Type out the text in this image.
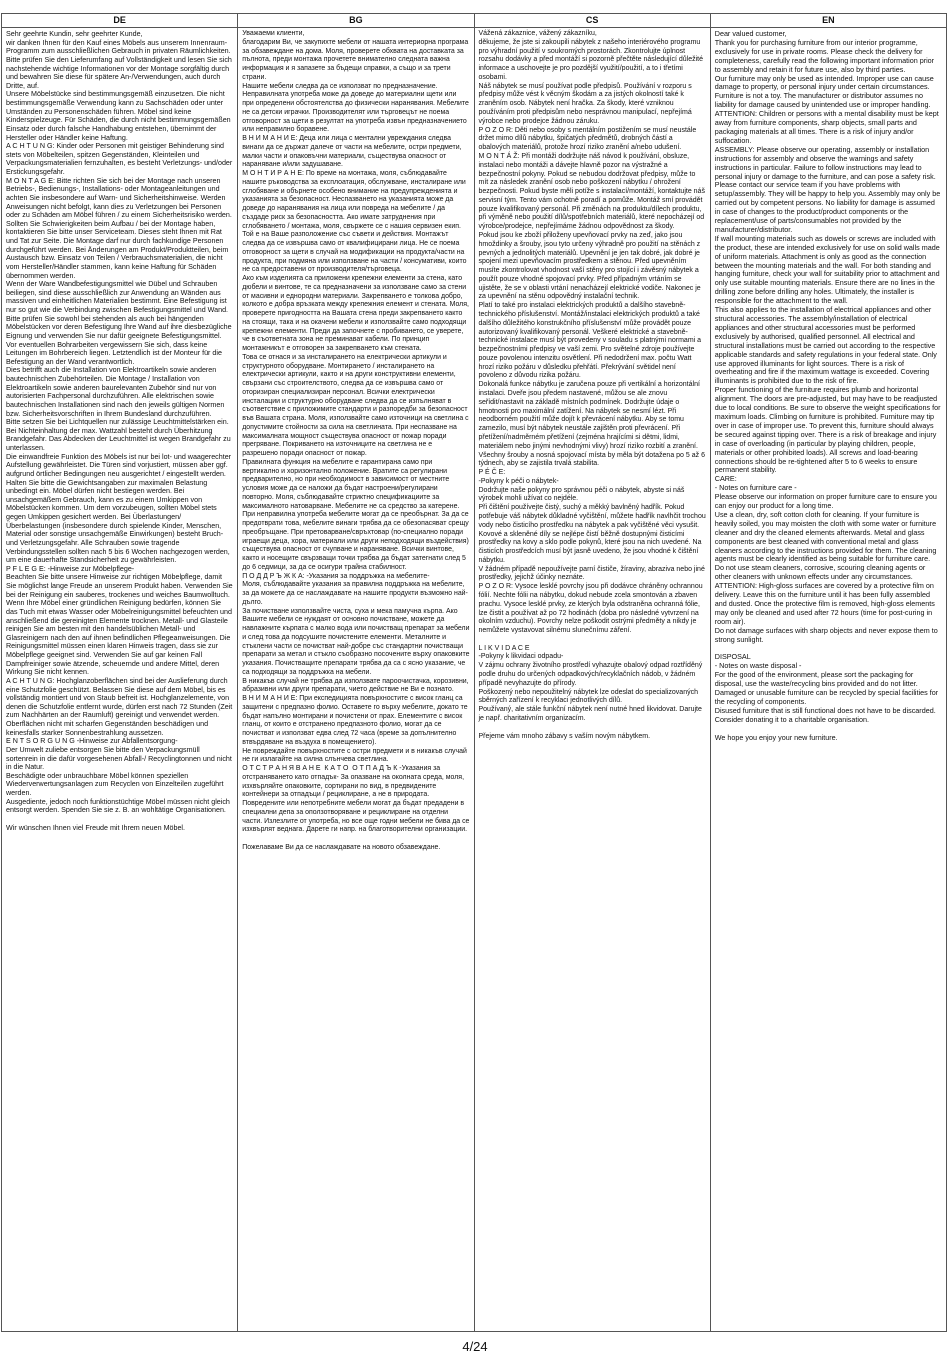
DE	BG	CS	EN

Sehr geehrte Kundin, sehr geehrter Kunde,
wir danken Ihnen für den Kauf eines Möbels aus unserem Innenraum-Programm zum ausschließlichen Gebrauch in privaten Räumlichkeiten. Bitte prüfen Sie den Lieferumfang auf Vollständigkeit und lesen Sie sich nachstehende wichtige Informationen vor der Montage sorgfältig durch und bewahren Sie diese für spätere An-/Verwendungen, auch durch Dritte, auf.
Unsere Möbelstücke sind bestimmungsgemäß einzusetzen. Die nicht bestimmungsgemäße Verwendung kann zu Sachschäden oder unter Umständen zu Personenschäden führen. Möbel sind keine Kinderspielzeuge. Für Schäden, die durch nicht bestimmungsgemäßen Einsatz oder durch falsche Handhabung entstehen, übernimmt der Hersteller oder Händler keine Haftung.
A C H T U N G: Kinder oder Personen mit geistiger Behinderung sind stets von Möbelteilen, spitzen Gegenständen, Kleinteilen und Verpackungsmaterialien fernzuhalten, es besteht Verletzungs- und/oder Erstickungsgefahr.
M O N T A G E: Bitte richten Sie sich bei der Montage nach unseren Betriebs-, Bedienungs-, Installations- oder Montageanleitungen und achten Sie insbesondere auf Warn- und Sicherheitshinweise. Werden Anweisungen nicht befolgt, kann dies zu Verletzungen bei Personen oder zu Schäden am Möbel führen / zu einem Sicherheitsrisiko werden. Sollten Sie Schwierigkeiten beim Aufbau / bei der Montage haben, kontaktieren Sie bitte unser Serviceteam. Dieses steht Ihnen mit Rat und Tat zur Seite. Die Montage darf nur durch fachkundige Personen durchgeführt werden. Bei Änderungen am Produkt/Produktteilen, beim Austausch bzw. Einsatz von Teilen / Verbrauchsmaterialien, die nicht vom Hersteller/Händler stammen, kann keine Haftung für Schäden übernommen werden.
Wenn der Ware Wandbefestigungsmittel wie Dübel und Schrauben beiliegen, sind diese ausschließlich zur Anwendung an Wänden aus massiven und einheitlichen Materialien bestimmt. Eine Befestigung ist nur so gut wie die Verbindung zwischen Befestigungsmittel und Wand. Bitte prüfen Sie sowohl bei stehenden als auch bei hängenden Möbelstücken vor deren Befestigung Ihre Wand auf ihre diesbezügliche Eignung und verwenden Sie nur dafür geeignete Befestigungsmittel. Vor eventuellen Bohrarbeiten vergewissern Sie sich, dass keine Leitungen im Bohrbereich liegen. Letztendlich ist der Monteur für die Befestigung an der Wand verantwortlich.
Dies betrifft auch die Installation von Elektroartikeln sowie anderen bautechnischen Zubehörteilen. Die Montage / Installation von Elektroartikeln sowie anderen baurelevanten Zubehör sind nur von autorisierten Fachpersonal durchzuführen. Alle elektrischen sowie bautechnischen Installationen sind nach den jeweils gültigen Normen bzw. Sicherheitsvorschriften in Ihrem Bundesland durchzuführen.
Bitte setzen Sie bei Lichtquellen nur zulässige Leuchtmittelstärken ein. Bei Nichteinhaltung der max. Wattzahl besteht durch Überhitzung Brandgefahr. Das Abdecken der Leuchtmittel ist wegen Brandgefahr zu unterlassen.
Die einwandfreie Funktion des Möbels ist nur bei lot- und waagerechter Aufstellung gewährleistet. Die Türen sind vorjustiert, müssen aber ggf. aufgrund örtlicher Bedingungen neu ausgerichtet / eingestellt werden. Halten Sie bitte die Gewichtsangaben zur maximalen Belastung unbedingt ein. Möbel dürfen nicht bestiegen werden. Bei unsachgemäßem Gebrauch, kann es zu einem Umkippen von Möbelstücken kommen. Um dem vorzubeugen, sollten Möbel stets gegen Umkippen gesichert werden. Bei Überlastungen/Überbelastungen (insbesondere durch spielende Kinder, Menschen, Material oder sonstige unsachgemäße Einwirkungen) besteht Bruch- und Verletzungsgefahr. Alle Schrauben sowie tragende Verbindungsstellen sollten nach 5 bis 6 Wochen nachgezogen werden, um eine dauerhafte Standsicherheit zu gewährleisten.
P F L E G E: -Hinweise zur Möbelpflege-
Beachten Sie bitte unsere Hinweise zur richtigen Möbelpflege, damit Sie möglichst lange Freude an unserem Produkt haben. Verwenden Sie bei der Reinigung ein sauberes, trockenes und weiches Baumwolltuch. Wenn Ihre Möbel einer gründlichen Reinigung bedürfen, können Sie das Tuch mit etwas Wasser oder Möbelreinigungsmittel befeuchten und anschließend die gereinigten Elemente trocknen. Metall- und Glasteile reinigen Sie am besten mit den handelsüblichen Metall- und Glasreinigern nach den auf ihnen befindlichen Pflegeanweisungen. Die Reinigungsmittel müssen einen klaren Hinweis tragen, dass sie zur Möbelpflege geeignet sind. Verwenden Sie auf gar keinen Fall Dampfreiniger sowie ätzende, scheuernde und andere Mittel, deren Wirkung Sie nicht kennen.
A C H T U N G: Hochglanzoberflächen sind bei der Auslieferung durch eine Schutzfolie geschützt. Belassen Sie diese auf dem Möbel, bis es vollständig montiert und von Staub befreit ist. Hochglanzelemente, von denen die Schutzfolie entfernt wurde, dürfen erst nach 72 Stunden (Zeit zum Nachhärten an der Raumluft) gereinigt und verwendet werden. Oberflächen nicht mit scharfen Gegenständen beschädigen und keinesfalls starker Sonnenbestrahlung aussetzen.
E N T S O R G U N G -Hinweise zur Abfallentsorgung-
Der Umwelt zuliebe entsorgen Sie bitte den Verpackungsmüll sortenrein in die dafür vorgesehenen Abfall-/ Recyclingtonnen und nicht in die Natur.
Beschädigte oder unbrauchbare Möbel können speziellen Wiederverwertungsanlagen zum Recyclen von Einzelteilen zugeführt werden.
Ausgediente, jedoch noch funktionstüchtige Möbel müssen nicht gleich entsorgt werden. Spenden Sie sie z. B. an wohltätige Organisationen.

Wir wünschen Ihnen viel Freude mit Ihrem neuen Möbel.

Уважаеми клиенти,
благодарим Ви, че закупихте мебели от нашата интериорна програма за обзавеждане на дома. Моля, проверете обхвата на доставката за пълнота, преди монтажа прочетете внимателно следната важна информация и я запазете за бъдещи справки, а също и за трети страни.
Нашите мебели следва да се използват по предназначение. Неправилната употреба може да доведе до материални щети или при определени обстоятелства до физически наранявания. Мебелите не са детски играчки. Производителят или търговецът не поема отговорност за щети в резултат на употреба извън предназначението или неправилно боравене.
В Н И М А Н И Е: Деца или лица с ментални увреждания следва винаги да се държат далече от части на мебелите, остри предмети, малки части и опаковъчни материали, съществува опасност от нараняване и/или задушаване.
М О Н Т И Р А Н Е: По време на монтажа, моля, съблюдавайте нашите ръководства за експлоатация, обслужване, инсталиране или сглобяване и обърнете особено внимание на предупрежденията и указанията за безопасност. Неспазването на указанията може да доведе до наранявания на лица или повреда на мебелите / да създаде риск за безопасността. Ако имате затруднения при сглобяването / монтажа, моля, свържете се с нашия сервизен екип. Той е на Ваше разположение със съвети и действия. Монтажът следва да се извършва само от квалифицирани лица. Не се поема отговорност за щети в случай на модификации на продукта/части на продукта, при подмяна или използване на части / консумативи, които не са предоставени от производителя/търговеца.
Ако към изделията са приложени крепежни елементи за стена, като дюбели и винтове, те са предназначени за използване само за стени от масивни и еднородни материали. Закрепването е толкова добро, колкото е добра връзката между крепежния елемент и стената. Моля, проверете пригодността на Вашата стена преди закрепването както на стоящи, така и на окачени мебели и използвайте само подходящи крепежни елементи. Преди да започнете с пробиването, се уверете, че в съответната зона не преминават кабели. По принцип монтажникът е отговорен за закрепването към стената.
Това се отнася и за инсталирането на електрически артикули и структурното оборудване. Монтирането / инсталирането на електрически артикули, както и на други конструктивни елементи, свързани със строителството, следва да се извършва само от оторизиран специализиран персонал. Всички електрически инсталации и структурно оборудване следва да се изпълняват в съответствие с приложимите стандарти и разпоредби за безопасност във Вашата страна. Моля, използвайте само източници на светлина с допустимите стойности за сила на светлината. При неспазване на максималната мощност съществува опасност от пожар поради прегряване. Покриването на източниците на светлина не е разрешено поради опасност от пожар.
Правилната функция на мебелите е гарантирана само при вертикално и хоризонтално положение. Вратите са регулирани предварително, но при необходимост в зависимост от местните условия може да се наложи да бъдат настроени/регулирани повторно. Моля, съблюдавайте стриктно спецификациите за максималното натоварване. Мебелите не са средство за катерене. При неправилна употреба мебелите могат да се преобърнат. За да се предотврати това, мебелите винаги трябва да се обезопасяват срещу преобръщане. При претоварване/свръхтовар (по-специално поради играещи деца, хора, материали или други неподходящи въздействия) съществува опасност от счупване и нараняване. Всички винтове, както и носещите свързващи точки трябва да бъдат затегнати след 5 до 6 седмици, за да се осигури трайна стабилност.
П О Д Д Р Ъ Ж К А: -Указания за поддръжка на мебелите-
Моля, съблюдавайте указания за правилна поддръжка на мебелите, за да можете да се наслаждавате на нашите продукти възможно най-дълго.
За почистване използвайте чиста, суха и мека памучна кърпа. Ако Вашите мебели се нуждаят от основно почистване, можете да навлажните кърпата с малко вода или почистващ препарат за мебели и след това да подсушите почистените елементи. Металните и стъклени части се почистват най-добре със стандартни почистващи препарати за метал и стъкло съобразно посочените върху опаковките указания. Почистващите препарати трябва да са с ясно указание, че са подходящи за поддръжка на мебели.
В никакъв случай не трябва да използвате пароочистачка, корозивни, абразивни или други препарати, чието действие не Ви е познато.
В Н И М А Н И Е: При експедицията повърхностите с висок гланц са защитени с предпазно фолио. Оставете го върху мебелите, докато те бъдат напълно монтирани и почистени от прах. Елементите с висок гланц, от които е отстранено предпазното фолио, могат да се почистват и използват едва след 72 часа (време за допълнително втвърдяване на въздуха в помещението).
Не повреждайте повърхностите с остри предмети и в никакъв случай не ги излагайте на силна слънчева светлина.
О Т С Т Р А Н Я В А Н Е  К А Т О  О Т П А Д Ъ К -Указания за отстраняването като отпадък- За опазване на околната среда, моля, изхвърляйте опаковките, сортирани по вид, в предвидените контейнери за отпадъци / рециклиране, а не в природата. Повредените или непотребните мебели могат да бъдат предадени в специални депа за оползотворяване и рециклиране на отделни части. Излезлите от употреба, но все още годни мебели не бива да се изхвърлят веднага. Дарете ги напр. на благотворителни организации.

Пожелаваме Ви да се наслаждавате на новото обзавеждане.

Vážená zákaznice, vážený zákazníku,
děkujeme, že jste si zakoupili nábytek z našeho interiérového programu pro výhradní použití v soukromých prostorách. Zkontrolujte úplnost rozsahu dodávky a před montáží si pozorně přečtěte následující důležité informace a uschovejte je pro pozdější využití/použití, a to i třetími osobami.
Náš nábytek se musí používat podle předpisů. Používání v rozporu s předpisy může vést k věcným škodám a za jistých okolností také k zraněním osob. Nábytek není hračka. Za škody, které vzniknou používáním proti předpisům nebo nesprávnou manipulací, nepřejímá výrobce nebo prodejce žádnou záruku.
P O Z O R: Děti nebo osoby s mentálním postižením se musí neustále držet mimo dílů nábytku, špičatých předmětů, drobných částí a obalových materiálů, protože hrozí riziko zranění a/nebo udušení.
M O N T Á Ž: Při montáži dodržujte náš návod k používání, obsluze, instalaci nebo montáži a dávejte hlavně pozor na výstražné a bezpečnostní pokyny. Pokud se nebudou dodržovat předpisy, může to mít za následek zranění osob nebo poškození nábytku / ohrožení bezpečnosti. Pokud byste měli potíže s instalací/montáží, kontaktujte náš servisní tým. Tento vám ochotně poradí a pomůže. Montáž smí provádět pouze kvalifikovaný personál. Při změnách na produktu/dílech produktu, při výměně nebo použití dílů/spotřebních materiálů, které nepocházejí od výrobce/prodejce, nepřejímáme žádnou odpovědnost za škody.
Pokud jsou ke zboží přiloženy upevňovací prvky na zeď, jako jsou hmoždinky a šrouby, jsou tyto určeny výhradně pro použití na stěnách z pevných a jednolitých materiálů. Upevnění je jen tak dobré, jak dobré je spojení mezi upevňovacím prostředkem a stěnou. Před upevněním musíte zkontrolovat vhodnost vaší stěny pro stojící i závěsný nábytek a použít pouze vhodné spojovací prvky. Před případným vrtáním se ujistěte, že se v oblasti vrtání nenacházejí elektrické vodiče. Nakonec je za upevnění na stěnu odpovědný instalační technik.
Platí to také pro instalaci elektrických produktů a dalšího stavebně-technického příslušenství. Montáž/instalaci elektrických produktů a také dalšího důležitého konstrukčního příslušenství může provádět pouze autorizovaný kvalifikovaný personál. Veškeré elektrické a stavebně-technické instalace musí být provedeny v souladu s platnými normami a bezpečnostními předpisy ve vaší zemi. Pro světelné zdroje používejte pouze povolenou intenzitu osvětlení. Při nedodržení max. počtu Watt hrozí riziko požáru v důsledku přehřátí. Překrývání světidel není povoleno z důvodu rizika požáru.
Dokonalá funkce nábytku je zaručena pouze při vertikální a horizontální instalaci. Dveře jsou předem nastavené, můžou se ale znovu seřídit/nastavit na základě místních podmínek. Dodržujte údaje o hmotnosti pro maximální zatížení. Na nábytek se nesmí lézt. Při neodborném použití může dojít k převrácení nábytku. Aby se tomu zamezilo, musí být nábytek neustále zajištěn proti převrácení. Při přetížení/nadměrném přetížení (zejména hrajícími si dětmi, lidmi, materiálem nebo jinými nevhodnými vlivy) hrozí riziko rozbití a zranění. Všechny šrouby a nosná spojovací místa by měla být dotažena po 5 až 6 týdnech, aby se zajistila trvalá stabilita.
P É Č E:
-Pokyny k péči o nábytek-
Dodržujte naše pokyny pro správnou péči o nábytek, abyste si náš výrobek mohli užívat co nejdéle.
Při čištění používejte čistý, suchý a měkký bavlněný hadřík. Pokud potřebuje váš nábytek důkladné vyčištění, můžete hadřík navlhčit trochou vody nebo čisticího prostředku na nábytek a pak vyčištěné věci vysušit. Kovové a skleněné díly se nejlépe čistí běžně dostupnými čisticími prostředky na kovy a sklo podle pokynů, které jsou na nich uvedené. Na čisticích prostředcích musí být jasně uvedeno, že jsou vhodné k čištění nábytku.
V žádném případě nepoužívejte parní čističe, žíraviny, abraziva nebo jiné prostředky, jejichž účinky neznáte.
P O Z O R: Vysoce lesklé povrchy jsou při dodávce chráněny ochrannou fólií. Nechte fólii na nábytku, dokud nebude zcela smontován a zbaven prachu. Vysoce lesklé prvky, ze kterých byla odstraněna ochranná fólie, lze čistit a používat až po 72 hodinách (doba pro následné vytvrzení na okolním vzduchu). Povrchy nelze poškodit ostrými předměty a nikdy je nemůžete vystavovat silnému slunečnímu záření.

L I K V I D A C E
-Pokyny k likvidaci odpadu-
V zájmu ochrany životního prostředí vyhazujte obalový odpad roztříděný podle druhu do určených odpadkových/recyklačních nádob, v žádném případě nevyhazujte do přírody.
Poškozený nebo nepoužitelný nábytek lze odeslat do specializovaných sběrných zařízení k recyklaci jednotlivých dílů.
Používaný, ale stále funkční nábytek není nutné hned likvidovat. Darujte je např. charitativním organizacím.

Přejeme vám mnoho zábavy s vaším novým nábytkem.

Dear valued customer,
Thank you for purchasing furniture from our interior programme, exclusively for use in private rooms. Please check the delivery for completeness, carefully read the following important information prior to assembly and retain it for future use, also by third parties.
Our furniture may only be used as intended. Improper use can cause damage to property, or personal injury under certain circumstances. Furniture is not a toy. The manufacturer or distributor assumes no liability for damage caused by unintended use or improper handling.
ATTENTION: Children or persons with a mental disability must be kept away from furniture components, sharp objects, small parts and packaging materials at all times. There is a risk of injury and/or suffocation.
ASSEMBLY: Please observe our operating, assembly or installation instructions for assembly and observe the warnings and safety instructions in particular. Failure to follow instructions may lead to personal injury or damage to the furniture, and can pose a safety risk. Please contact our service team if you have problems with setup/assembly. They will be happy to help you. Assembly may only be carried out by competent persons. No liability for damage is assumed in case of changes to the product/product components or the replacement/use of parts/consumables not provided by the manufacturer/distributor.
If wall mounting materials such as dowels or screws are included with the product, these are intended exclusively for use on solid walls made of uniform materials. Attachment is only as good as the connection between the mounting materials and the wall. For both standing and hanging furniture, check your wall for suitability prior to attachment and only use suitable mounting materials. Ensure there are no lines in the drilling zone before drilling any holes. Ultimately, the installer is responsible for the attachment to the wall.
This also applies to the installation of electrical appliances and other structural accessories. The assembly/installation of electrical appliances and other structural accessories must be performed exclusively by authorised, qualified personnel. All electrical and structural installations must be carried out according to the respective applicable standards and safety regulations in your federal state. Only use approved illuminants for light sources. There is a risk of overheating and fire if the maximum wattage is exceeded. Covering illuminants is prohibited due to the risk of fire.
Proper functioning of the furniture requires plumb and horizontal alignment. The doors are pre-adjusted, but may have to be readjusted due to local conditions. Be sure to observe the weight specifications for maximum loads. Climbing on furniture is prohibited. Furniture may tip over in case of improper use. To prevent this, furniture should always be secured against tipping over. There is a risk of breakage and injury in case of overloading (in particular by playing children, people, materials or other prohibited loads). All screws and load-bearing connections should be re-tightened after 5 to 6 weeks to ensure permanent stability.
CARE:
- Notes on furniture care -
Please observe our information on proper furniture care to ensure you can enjoy our product for a long time.
Use a clean, dry, soft cotton cloth for cleaning. If your furniture is heavily soiled, you may moisten the cloth with some water or furniture cleaner and dry the cleaned elements afterwards. Metal and glass components are best cleaned with conventional metal and glass cleaners according to the instructions provided for them. The cleaning agents must be clearly identified as being suitable for furniture care.
Do not use steam cleaners, corrosive, scouring cleaning agents or other cleaners with unknown effects under any circumstances.
ATTENTION: High-gloss surfaces are covered by a protective film on delivery. Leave this on the furniture until it has been fully assembled and dusted. Once the protective film is removed, high-gloss elements may only be cleaned and used after 72 hours (time for post-curing in room air).
Do not damage surfaces with sharp objects and never expose them to strong sunlight.

DISPOSAL
- Notes on waste disposal -
For the good of the environment, please sort the packaging for disposal, use the waste/recycling bins provided and do not litter.
Damaged or unusable furniture can be recycled by special facilities for the recycling of components.
Disused furniture that is still functional does not have to be discarded. Consider donating it to a charitable organisation.

We hope you enjoy your new furniture.

4/24
